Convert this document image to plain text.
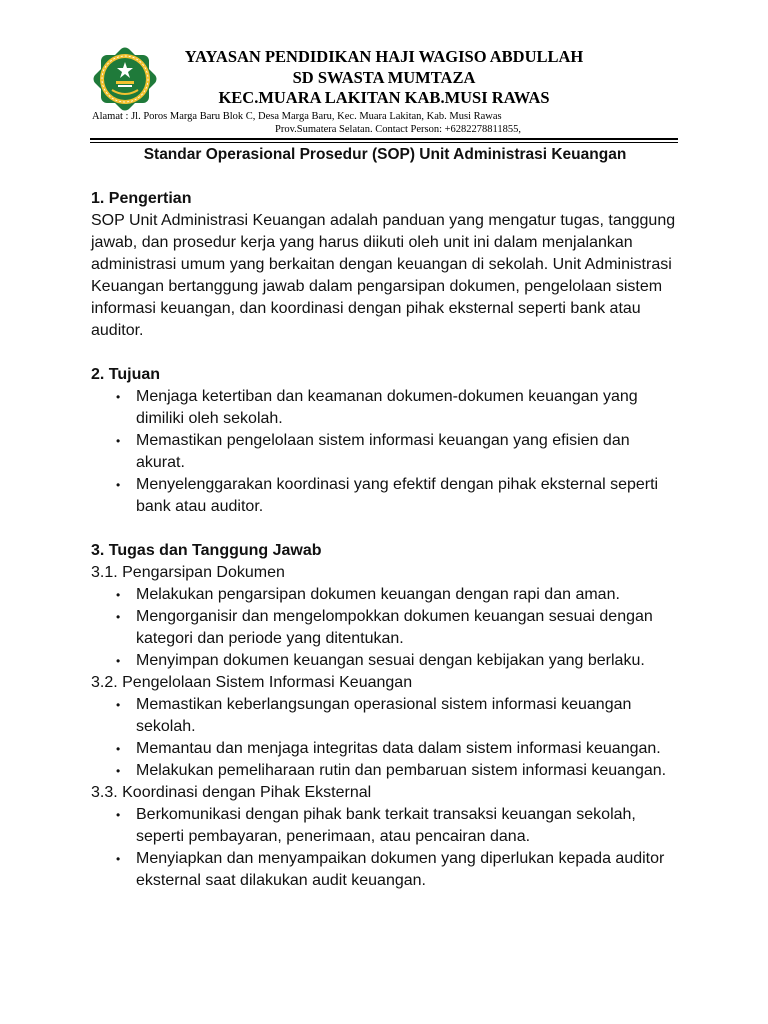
YAYASAN PENDIDIKAN HAJI WAGISO ABDULLAH
SD SWASTA MUMTAZA
KEC.MUARA LAKITAN KAB.MUSI RAWAS
Alamat : Jl. Poros Marga Baru Blok C, Desa Marga Baru, Kec. Muara Lakitan, Kab. Musi Rawas
Prov.Sumatera Selatan. Contact Person: +6282278811855,

Standar Operasional Prosedur (SOP) Unit Administrasi Keuangan

1. Pengertian

SOP Unit Administrasi Keuangan adalah panduan yang mengatur tugas, tanggung jawab, dan prosedur kerja yang harus diikuti oleh unit ini dalam menjalankan administrasi umum yang berkaitan dengan keuangan di sekolah. Unit Administrasi Keuangan bertanggung jawab dalam pengarsipan dokumen, pengelolaan sistem informasi keuangan, dan koordinasi dengan pihak eksternal seperti bank atau auditor.

2. Tujuan

• Menjaga ketertiban dan keamanan dokumen-dokumen keuangan yang dimiliki oleh sekolah.
• Memastikan pengelolaan sistem informasi keuangan yang efisien dan akurat.
• Menyelenggarakan koordinasi yang efektif dengan pihak eksternal seperti bank atau auditor.

3. Tugas dan Tanggung Jawab

3.1. Pengarsipan Dokumen

• Melakukan pengarsipan dokumen keuangan dengan rapi dan aman.
• Mengorganisir dan mengelompokkan dokumen keuangan sesuai dengan kategori dan periode yang ditentukan.
• Menyimpan dokumen keuangan sesuai dengan kebijakan yang berlaku.

3.2. Pengelolaan Sistem Informasi Keuangan

• Memastikan keberlangsungan operasional sistem informasi keuangan sekolah.
• Memantau dan menjaga integritas data dalam sistem informasi keuangan.
• Melakukan pemeliharaan rutin dan pembaruan sistem informasi keuangan.

3.3. Koordinasi dengan Pihak Eksternal

• Berkomunikasi dengan pihak bank terkait transaksi keuangan sekolah, seperti pembayaran, penerimaan, atau pencairan dana.
• Menyiapkan dan menyampaikan dokumen yang diperlukan kepada auditor eksternal saat dilakukan audit keuangan.
